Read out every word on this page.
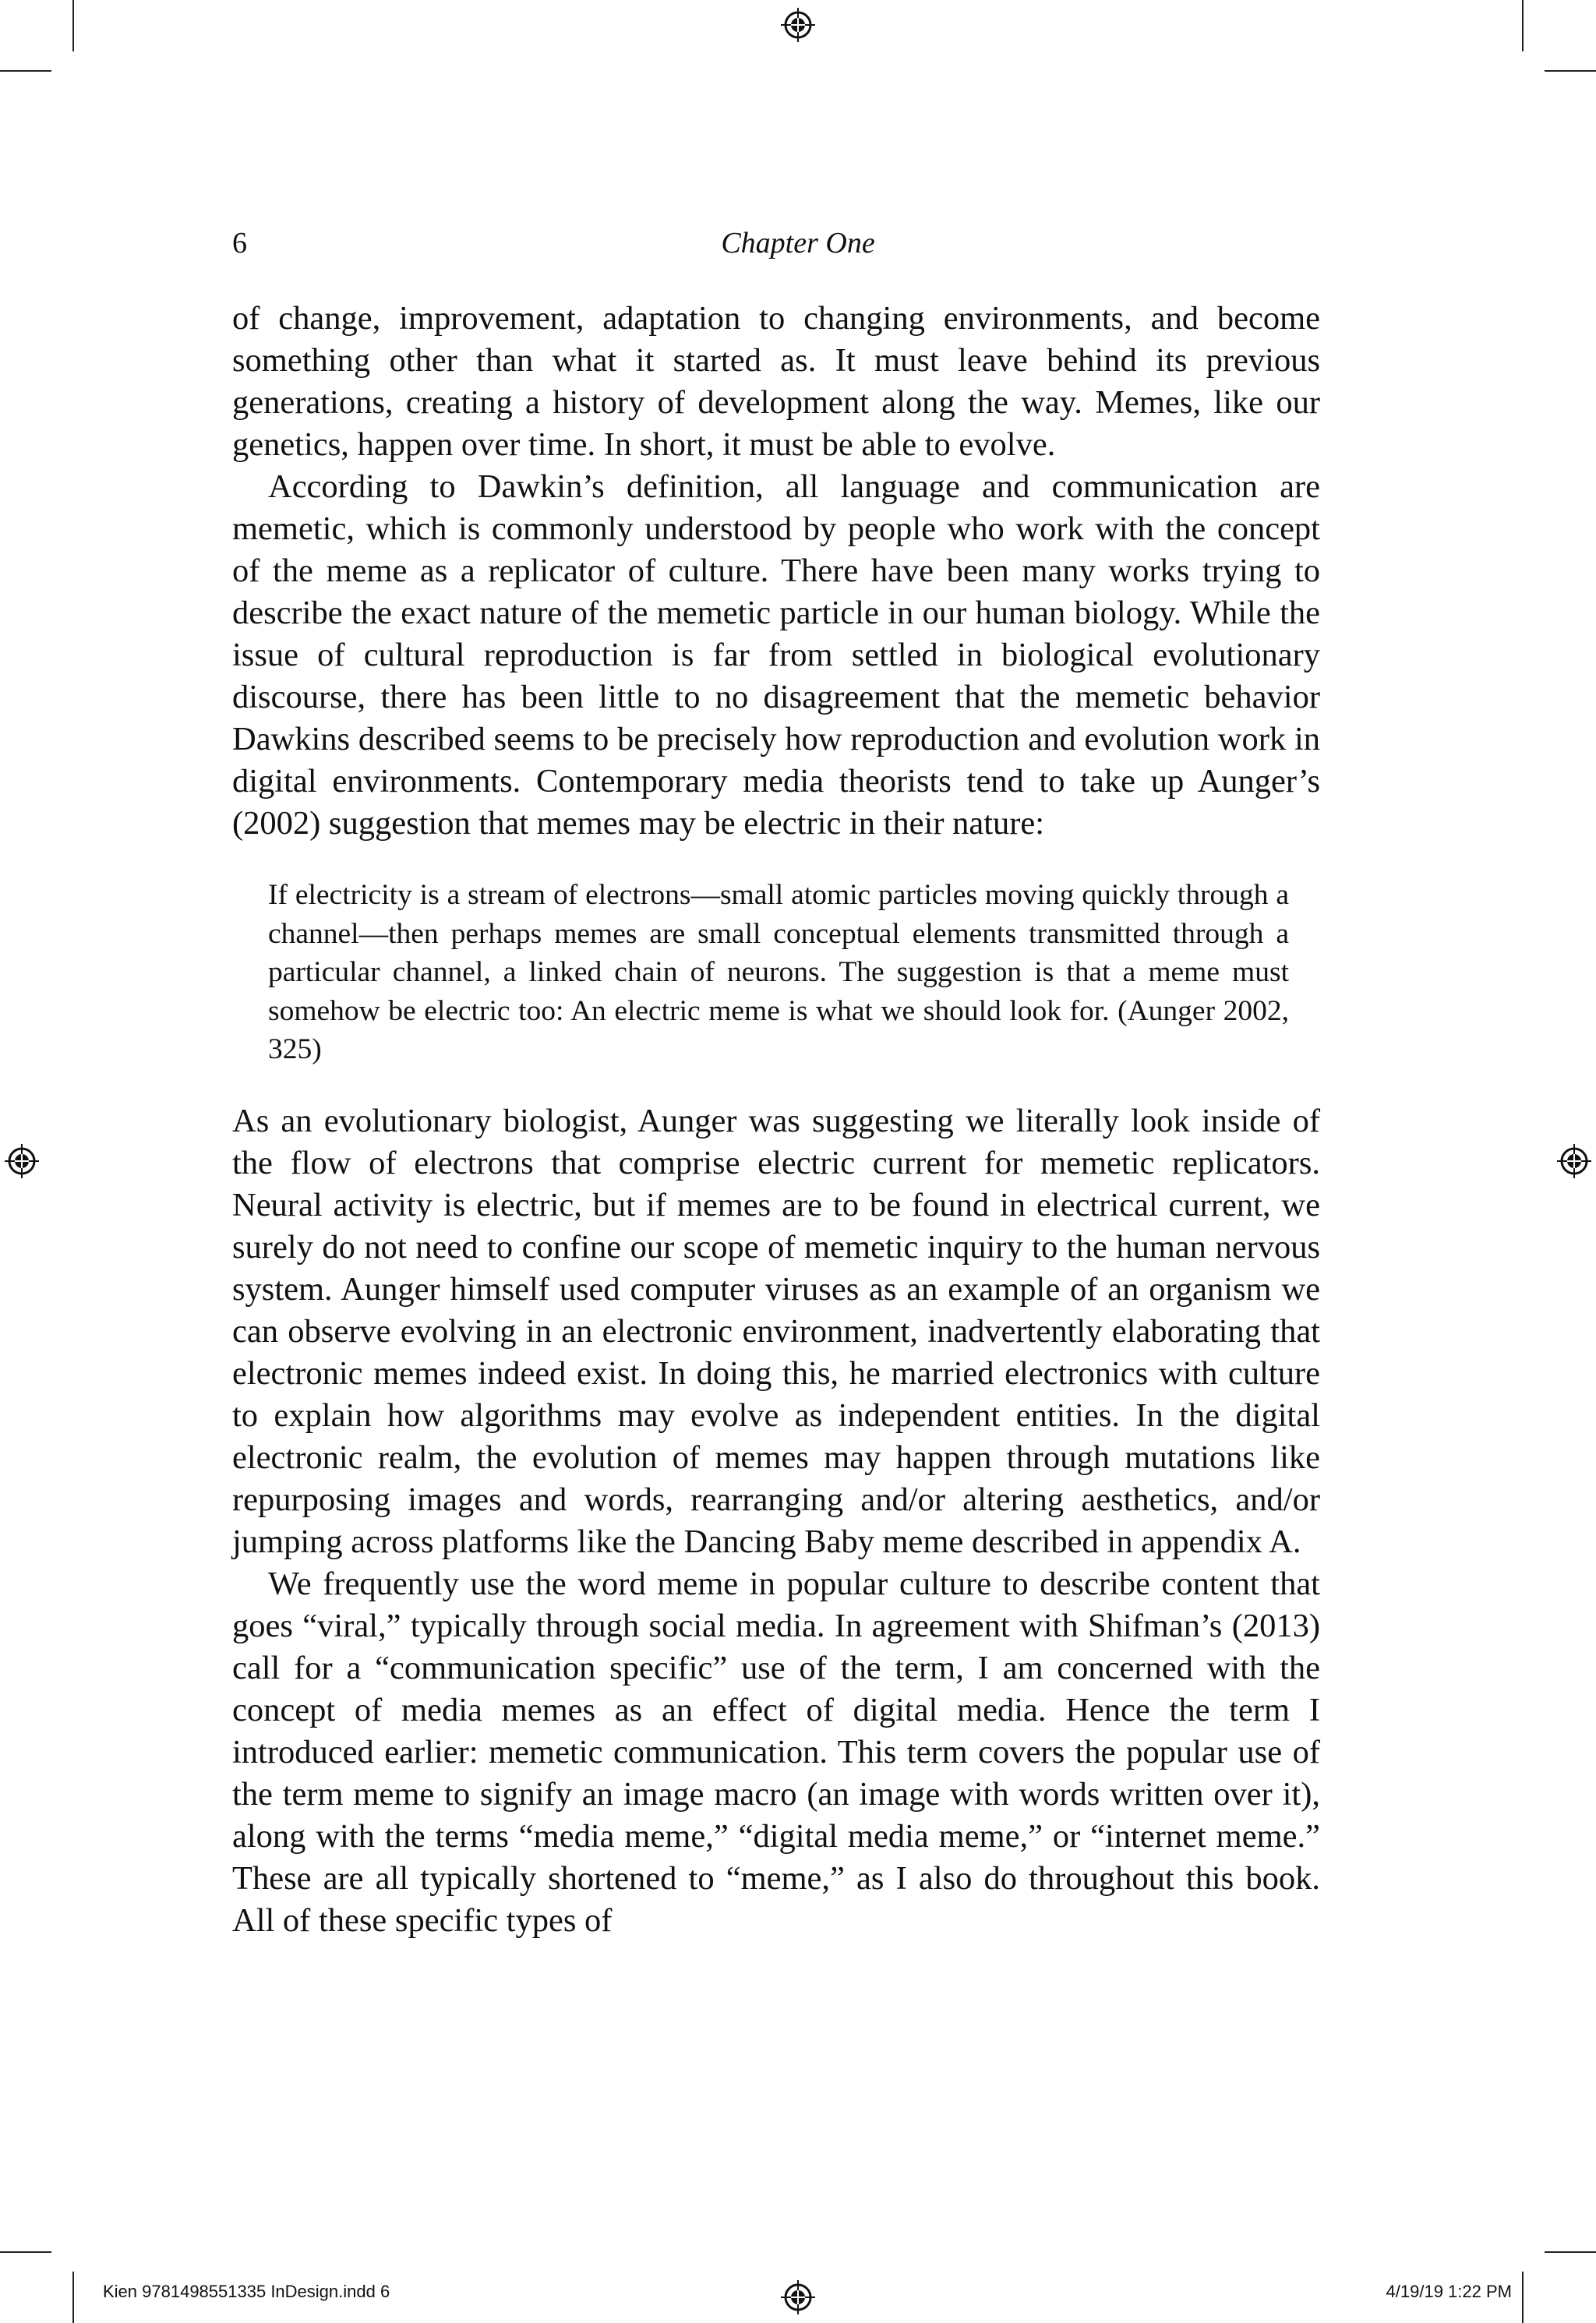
6	Chapter One

of change, improvement, adaptation to changing environments, and become something other than what it started as. It must leave behind its previous generations, creating a history of development along the way. Memes, like our genetics, happen over time. In short, it must be able to evolve.

According to Dawkin’s definition, all language and communication are memetic, which is commonly understood by people who work with the concept of the meme as a replicator of culture. There have been many works trying to describe the exact nature of the memetic particle in our human biology. While the issue of cultural reproduction is far from settled in biological evolutionary discourse, there has been little to no disagreement that the memetic behavior Dawkins described seems to be precisely how reproduction and evolution work in digital environments. Contemporary media theorists tend to take up Aunger’s (2002) suggestion that memes may be electric in their nature:

If electricity is a stream of electrons—small atomic particles moving quickly through a channel—then perhaps memes are small conceptual elements transmitted through a particular channel, a linked chain of neurons. The suggestion is that a meme must somehow be electric too: An electric meme is what we should look for. (Aunger 2002, 325)

As an evolutionary biologist, Aunger was suggesting we literally look inside of the flow of electrons that comprise electric current for memetic replicators. Neural activity is electric, but if memes are to be found in electrical current, we surely do not need to confine our scope of memetic inquiry to the human nervous system. Aunger himself used computer viruses as an example of an organism we can observe evolving in an electronic environment, inadvertently elaborating that electronic memes indeed exist. In doing this, he married electronics with culture to explain how algorithms may evolve as independent entities. In the digital electronic realm, the evolution of memes may happen through mutations like repurposing images and words, rearranging and/or altering aesthetics, and/or jumping across platforms like the Dancing Baby meme described in appendix A.

We frequently use the word meme in popular culture to describe content that goes “viral,” typically through social media. In agreement with Shifman’s (2013) call for a “communication specific” use of the term, I am concerned with the concept of media memes as an effect of digital media. Hence the term I introduced earlier: memetic communication. This term covers the popular use of the term meme to signify an image macro (an image with words written over it), along with the terms “media meme,” “digital media meme,” or “internet meme.” These are all typically shortened to “meme,” as I also do throughout this book. All of these specific types of

Kien 9781498551335 InDesign.indd 6	4/19/19 1:22 PM
